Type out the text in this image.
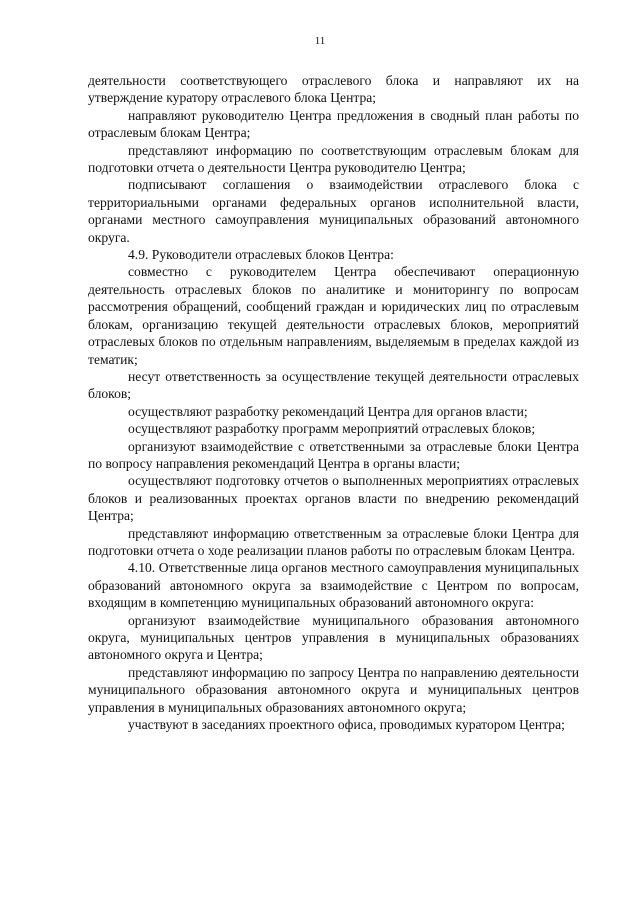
11

деятельности соответствующего отраслевого блока и направляют их на утверждение куратору отраслевого блока Центра;

направляют руководителю Центра предложения в сводный план работы по отраслевым блокам Центра;

представляют информацию по соответствующим отраслевым блокам для подготовки отчета о деятельности Центра руководителю Центра;

подписывают соглашения о взаимодействии отраслевого блока с территориальными органами федеральных органов исполнительной власти, органами местного самоуправления муниципальных образований автономного округа.

4.9. Руководители отраслевых блоков Центра:

совместно с руководителем Центра обеспечивают операционную деятельность отраслевых блоков по аналитике и мониторингу по вопросам рассмотрения обращений, сообщений граждан и юридических лиц по отраслевым блокам, организацию текущей деятельности отраслевых блоков, мероприятий отраслевых блоков по отдельным направлениям, выделяемым в пределах каждой из тематик;

несут ответственность за осуществление текущей деятельности отраслевых блоков;

осуществляют разработку рекомендаций Центра для органов власти;

осуществляют разработку программ мероприятий отраслевых блоков;

организуют взаимодействие с ответственными за отраслевые блоки Центра по вопросу направления рекомендаций Центра в органы власти;

осуществляют подготовку отчетов о выполненных мероприятиях отраслевых блоков и реализованных проектах органов власти по внедрению рекомендаций Центра;

представляют информацию ответственным за отраслевые блоки Центра для подготовки отчета о ходе реализации планов работы по отраслевым блокам Центра.

4.10. Ответственные лица органов местного самоуправления муниципальных образований автономного округа за взаимодействие с Центром по вопросам, входящим в компетенцию муниципальных образований автономного округа:

организуют взаимодействие муниципального образования автономного округа, муниципальных центров управления в муниципальных образованиях автономного округа и Центра;

представляют информацию по запросу Центра по направлению деятельности муниципального образования автономного округа и муниципальных центров управления в муниципальных образованиях автономного округа;

участвуют в заседаниях проектного офиса, проводимых куратором Центра;
